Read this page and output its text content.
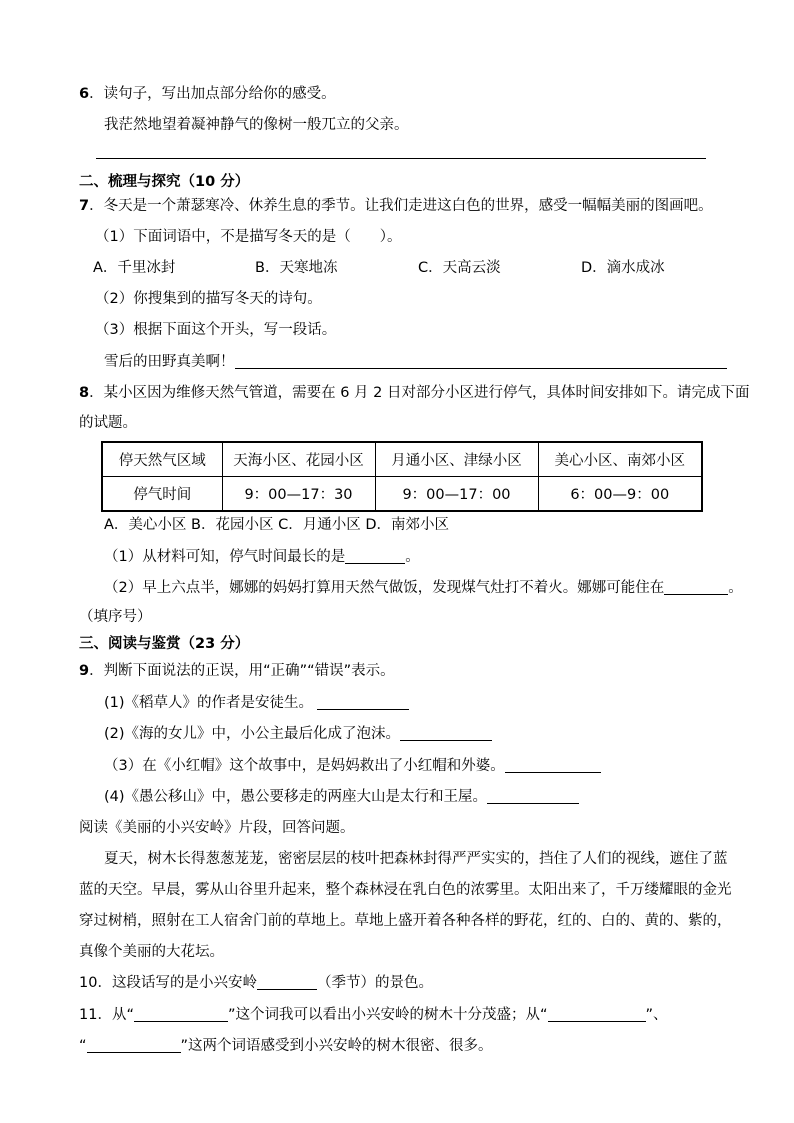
6．读句子，写出加点部分给你的感受。
我茫然地望着凝神静气的像树一般兀立的父亲。
二、梳理与探究（10 分）
7．冬天是一个萧瑟寒冷、休养生息的季节。让我们走进这白色的世界，感受一幅幅美丽的图画吧。
（1）下面词语中，不是描写冬天的是（　　）。
A．千里冰封	B．天寒地冻	C．天高云淡	D．滴水成冰
（2）你搜集到的描写冬天的诗句。
（3）根据下面这个开头，写一段话。
雪后的田野真美啊！
8．某小区因为维修天然气管道，需要在 6 月 2 日对部分小区进行停气，具体时间安排如下。请完成下面
的试题。
停天然气区域	天海小区、花园小区	月通小区、津绿小区	美心小区、南郊小区
停气时间	9：00—17：30	9：00—17：00	6：00—9：00
A．美心小区 B．花园小区 C．月通小区 D．南郊小区
（1）从材料可知，停气时间最长的是	。
（2）早上六点半，娜娜的妈妈打算用天然气做饭，发现煤气灶打不着火。娜娜可能住在	。
（填序号）
三、阅读与鉴赏（23 分）
9．判断下面说法的正误，用“正确”“错误”表示。
(1)《稻草人》的作者是安徒生。
(2)《海的女儿》中，小公主最后化成了泡沫。
（3）在《小红帽》这个故事中，是妈妈救出了小红帽和外婆。
(4)《愚公移山》中，愚公要移走的两座大山是太行和王屋。
阅读《美丽的小兴安岭》片段，回答问题。
夏天，树木长得葱葱茏茏，密密层层的枝叶把森林封得严严实实的，挡住了人们的视线，遮住了蓝
蓝的天空。早晨，雾从山谷里升起来，整个森林浸在乳白色的浓雾里。太阳出来了，千万缕耀眼的金光
穿过树梢，照射在工人宿舍门前的草地上。草地上盛开着各种各样的野花，红的、白的、黄的、紫的，
真像个美丽的大花坛。
10．这段话写的是小兴安岭	（季节）的景色。
11．从“	”这个词我可以看出小兴安岭的树木十分茂盛；从“	”、
“	”这两个词语感受到小兴安岭的树木很密、很多。
